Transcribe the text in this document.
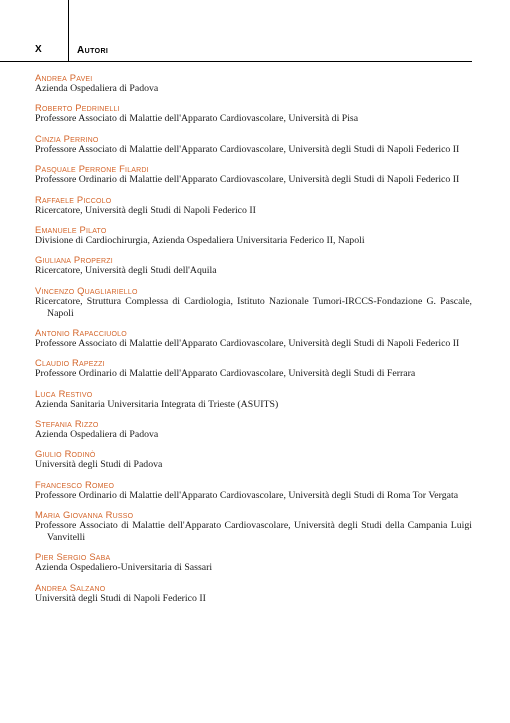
X	Autori
Andrea Pavei
Azienda Ospedaliera di Padova
Roberto Pedrinelli
Professore Associato di Malattie dell'Apparato Cardiovascolare, Università di Pisa
Cinzia Perrino
Professore Associato di Malattie dell'Apparato Cardiovascolare, Università degli Studi di Napoli Federico II
Pasquale Perrone Filardi
Professore Ordinario di Malattie dell'Apparato Cardiovascolare, Università degli Studi di Napoli Federico II
Raffaele Piccolo
Ricercatore, Università degli Studi di Napoli Federico II
Emanuele Pilato
Divisione di Cardiochirurgia, Azienda Ospedaliera Universitaria Federico II, Napoli
Giuliana Properzi
Ricercatore, Università degli Studi dell'Aquila
Vincenzo Quagliariello
Ricercatore, Struttura Complessa di Cardiologia, Istituto Nazionale Tumori-IRCCS-Fondazione G. Pascale, Napoli
Antonio Rapacciuolo
Professore Associato di Malattie dell'Apparato Cardiovascolare, Università degli Studi di Napoli Federico II
Claudio Rapezzi
Professore Ordinario di Malattie dell'Apparato Cardiovascolare, Università degli Studi di Ferrara
Luca Restivo
Azienda Sanitaria Universitaria Integrata di Trieste (ASUITS)
Stefania Rizzo
Azienda Ospedaliera di Padova
Giulio Rodinò
Università degli Studi di Padova
Francesco Romeo
Professore Ordinario di Malattie dell'Apparato Cardiovascolare, Università degli Studi di Roma Tor Vergata
Maria Giovanna Russo
Professore Associato di Malattie dell'Apparato Cardiovascolare, Università degli Studi della Campania Luigi Vanvitelli
Pier Sergio Saba
Azienda Ospedaliero-Universitaria di Sassari
Andrea Salzano
Università degli Studi di Napoli Federico II
